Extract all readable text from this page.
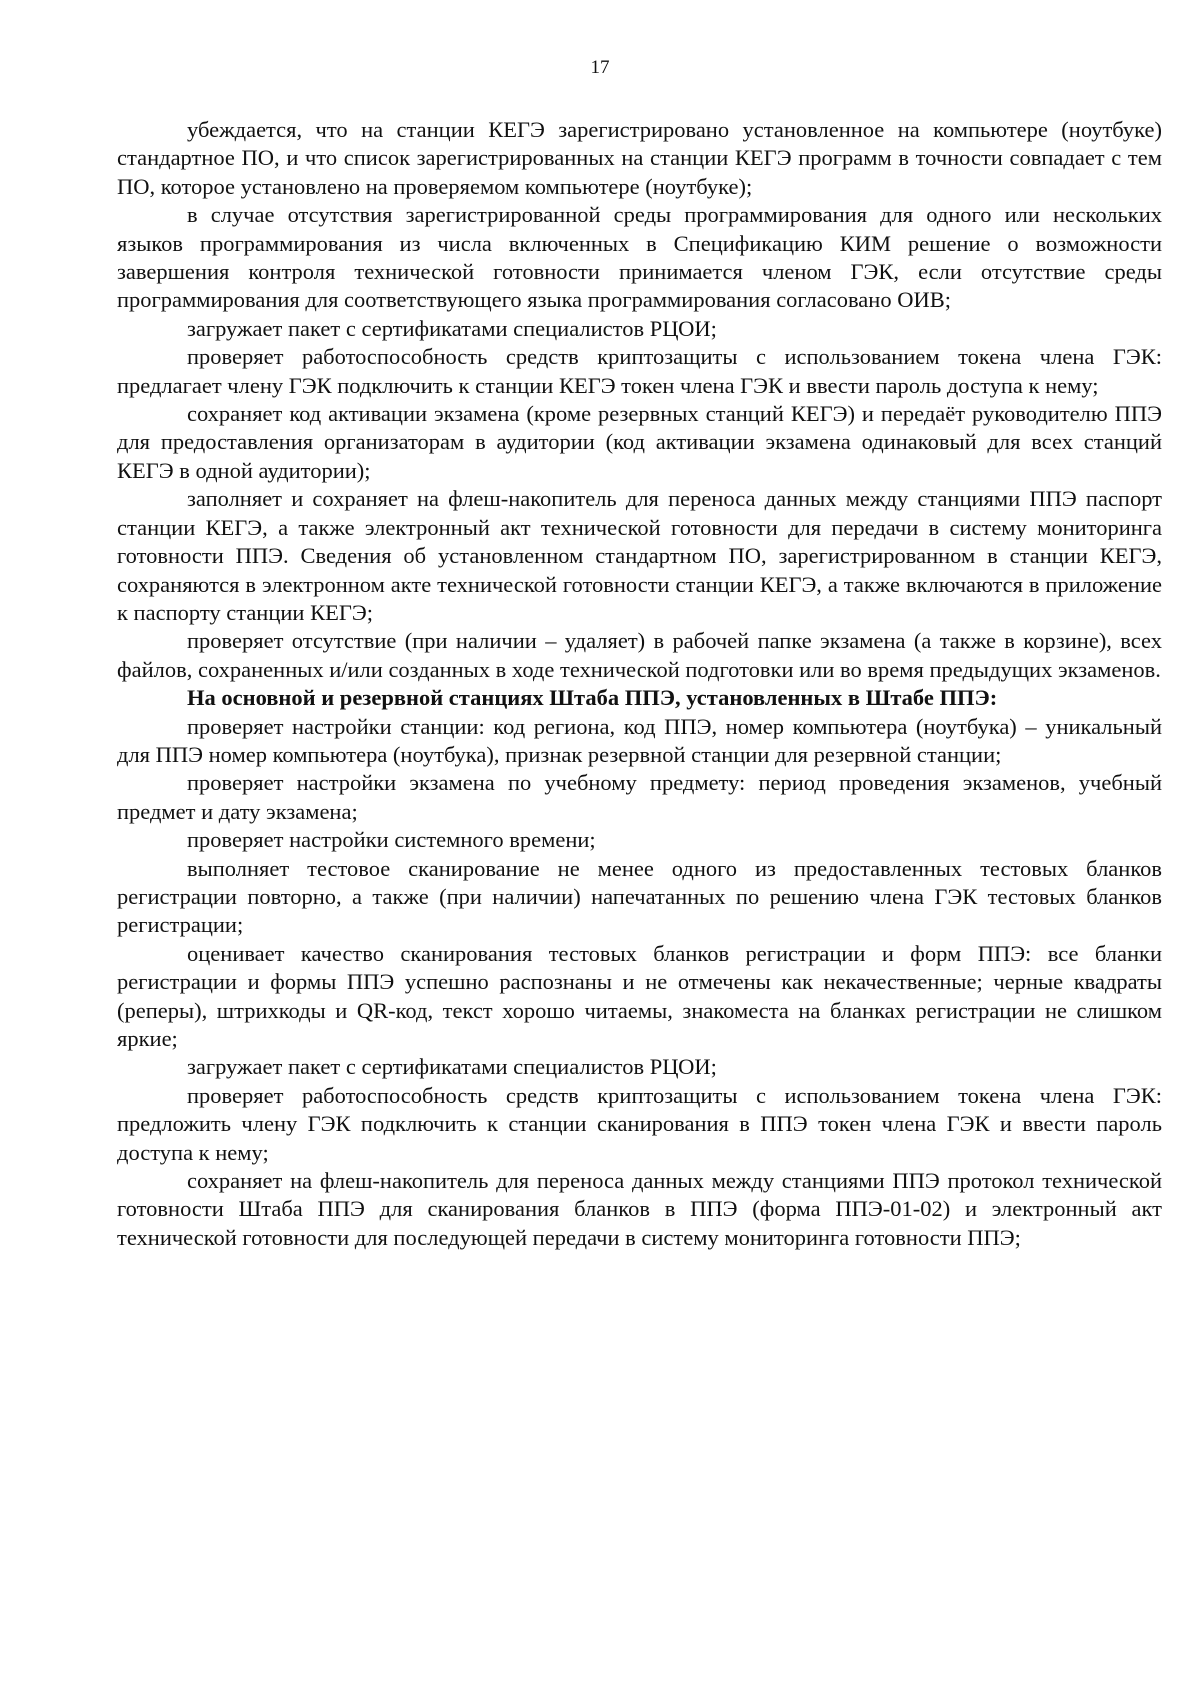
17

убеждается, что на станции КЕГЭ зарегистрировано установленное на компьютере (ноутбуке) стандартное ПО, и что список зарегистрированных на станции КЕГЭ программ в точности совпадает с тем ПО, которое установлено на проверяемом компьютере (ноутбуке);

в случае отсутствия зарегистрированной среды программирования для одного или нескольких языков программирования из числа включенных в Спецификацию КИМ решение о возможности завершения контроля технической готовности принимается членом ГЭК, если отсутствие среды программирования для соответствующего языка программирования согласовано ОИВ;

загружает пакет с сертификатами специалистов РЦОИ;

проверяет работоспособность средств криптозащиты с использованием токена члена ГЭК: предлагает члену ГЭК подключить к станции КЕГЭ токен члена ГЭК и ввести пароль доступа к нему;

сохраняет код активации экзамена (кроме резервных станций КЕГЭ) и передаёт руководителю ППЭ для предоставления организаторам в аудитории (код активации экзамена одинаковый для всех станций КЕГЭ в одной аудитории);

заполняет и сохраняет на флеш-накопитель для переноса данных между станциями ППЭ паспорт станции КЕГЭ, а также электронный акт технической готовности для передачи в систему мониторинга готовности ППЭ. Сведения об установленном стандартном ПО, зарегистрированном в станции КЕГЭ, сохраняются в электронном акте технической готовности станции КЕГЭ, а также включаются в приложение к паспорту станции КЕГЭ;

проверяет отсутствие (при наличии – удаляет) в рабочей папке экзамена (а также в корзине), всех файлов, сохраненных и/или созданных в ходе технической подготовки или во время предыдущих экзаменов.

На основной и резервной станциях Штаба ППЭ, установленных в Штабе ППЭ:

проверяет настройки станции: код региона, код ППЭ, номер компьютера (ноутбука) – уникальный для ППЭ номер компьютера (ноутбука), признак резервной станции для резервной станции;

проверяет настройки экзамена по учебному предмету: период проведения экзаменов, учебный предмет и дату экзамена;

проверяет настройки системного времени;

выполняет тестовое сканирование не менее одного из предоставленных тестовых бланков регистрации повторно, а также (при наличии) напечатанных по решению члена ГЭК тестовых бланков регистрации;

оценивает качество сканирования тестовых бланков регистрации и форм ППЭ: все бланки регистрации и формы ППЭ успешно распознаны и не отмечены как некачественные; черные квадраты (реперы), штрихкоды и QR-код, текст хорошо читаемы, знакоместа на бланках регистрации не слишком яркие;

загружает пакет с сертификатами специалистов РЦОИ;

проверяет работоспособность средств криптозащиты с использованием токена члена ГЭК: предложить члену ГЭК подключить к станции сканирования в ППЭ токен члена ГЭК и ввести пароль доступа к нему;

сохраняет на флеш-накопитель для переноса данных между станциями ППЭ протокол технической готовности Штаба ППЭ для сканирования бланков в ППЭ (форма ППЭ-01-02) и электронный акт технической готовности для последующей передачи в систему мониторинга готовности ППЭ;
